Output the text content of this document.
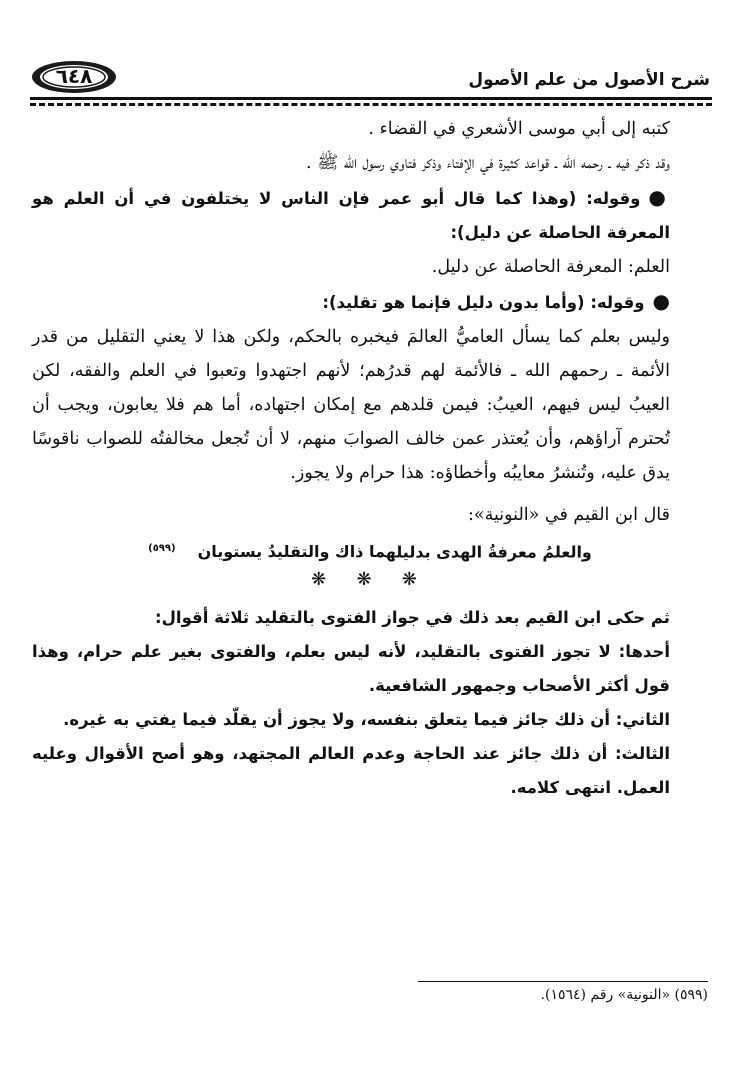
٦٤٨	شرح الأصول من علم الأصول

كتبه إلى أبي موسى الأشعري في القضاء .

وقد ذكر فيه ـ رحمه الله ـ قواعد كثيرة في الإفتاء وذكر فتاوي رسول الله ﷺ .

●وقوله: (وهذا كما قال أبو عمر فإن الناس لا يختلفون في أن العلم هو المعرفة الحاصلة عن دليل):

العلم: المعرفة الحاصلة عن دليل.

●وقوله: (وأما بدون دليل فإنما هو تقليد):

وليس بعلم كما يسأل العاميُّ العالمَ فيخبره بالحكم، ولكن هذا لا يعني التقليل من قدر الأئمة ـ رحمهم الله ـ فالأئمة لهم قدرُهم؛ لأنهم اجتهدوا وتعبوا في العلم والفقه، لكن العيبُ ليس فيهم، العيبُ: فيمن قلدهم مع إمكان اجتهاده، أما هم فلا يعابون، ويجب أن تُحترم آراؤهم، وأن يُعتذر عمن خالف الصوابَ منهم، لا أن تُجعل مخالفتُه للصواب ناقوسًا يدق عليه، وتُنشرُ معايبُه وأخطاؤه: هذا حرام ولا يجوز.

قال ابن القيم في «النونية»:

والعلمُ معرفةُ الهدى بدليلهما ذاك والتقليدُ يستويان$^{(٥٩٩)}$

❋ ❋ ❋

ثم حكى ابن القيم بعد ذلك في جواز الفتوى بالتقليد ثلاثة أقوال:

أحدها: لا تجوز الفتوى بالتقليد، لأنه ليس بعلم، والفتوى بغير علم حرام، وهذا قول أكثر الأصحاب وجمهور الشافعية.

الثاني: أن ذلك جائز فيما يتعلق بنفسه، ولا يجوز أن يقلّد فيما يفتي به غيره.

الثالث: أن ذلك جائز عند الحاجة وعدم العالم المجتهد، وهو أصح الأقوال وعليه العمل. انتهى كلامه.

(٥٩٩) «النونية» رقم (١٥٦٤).
